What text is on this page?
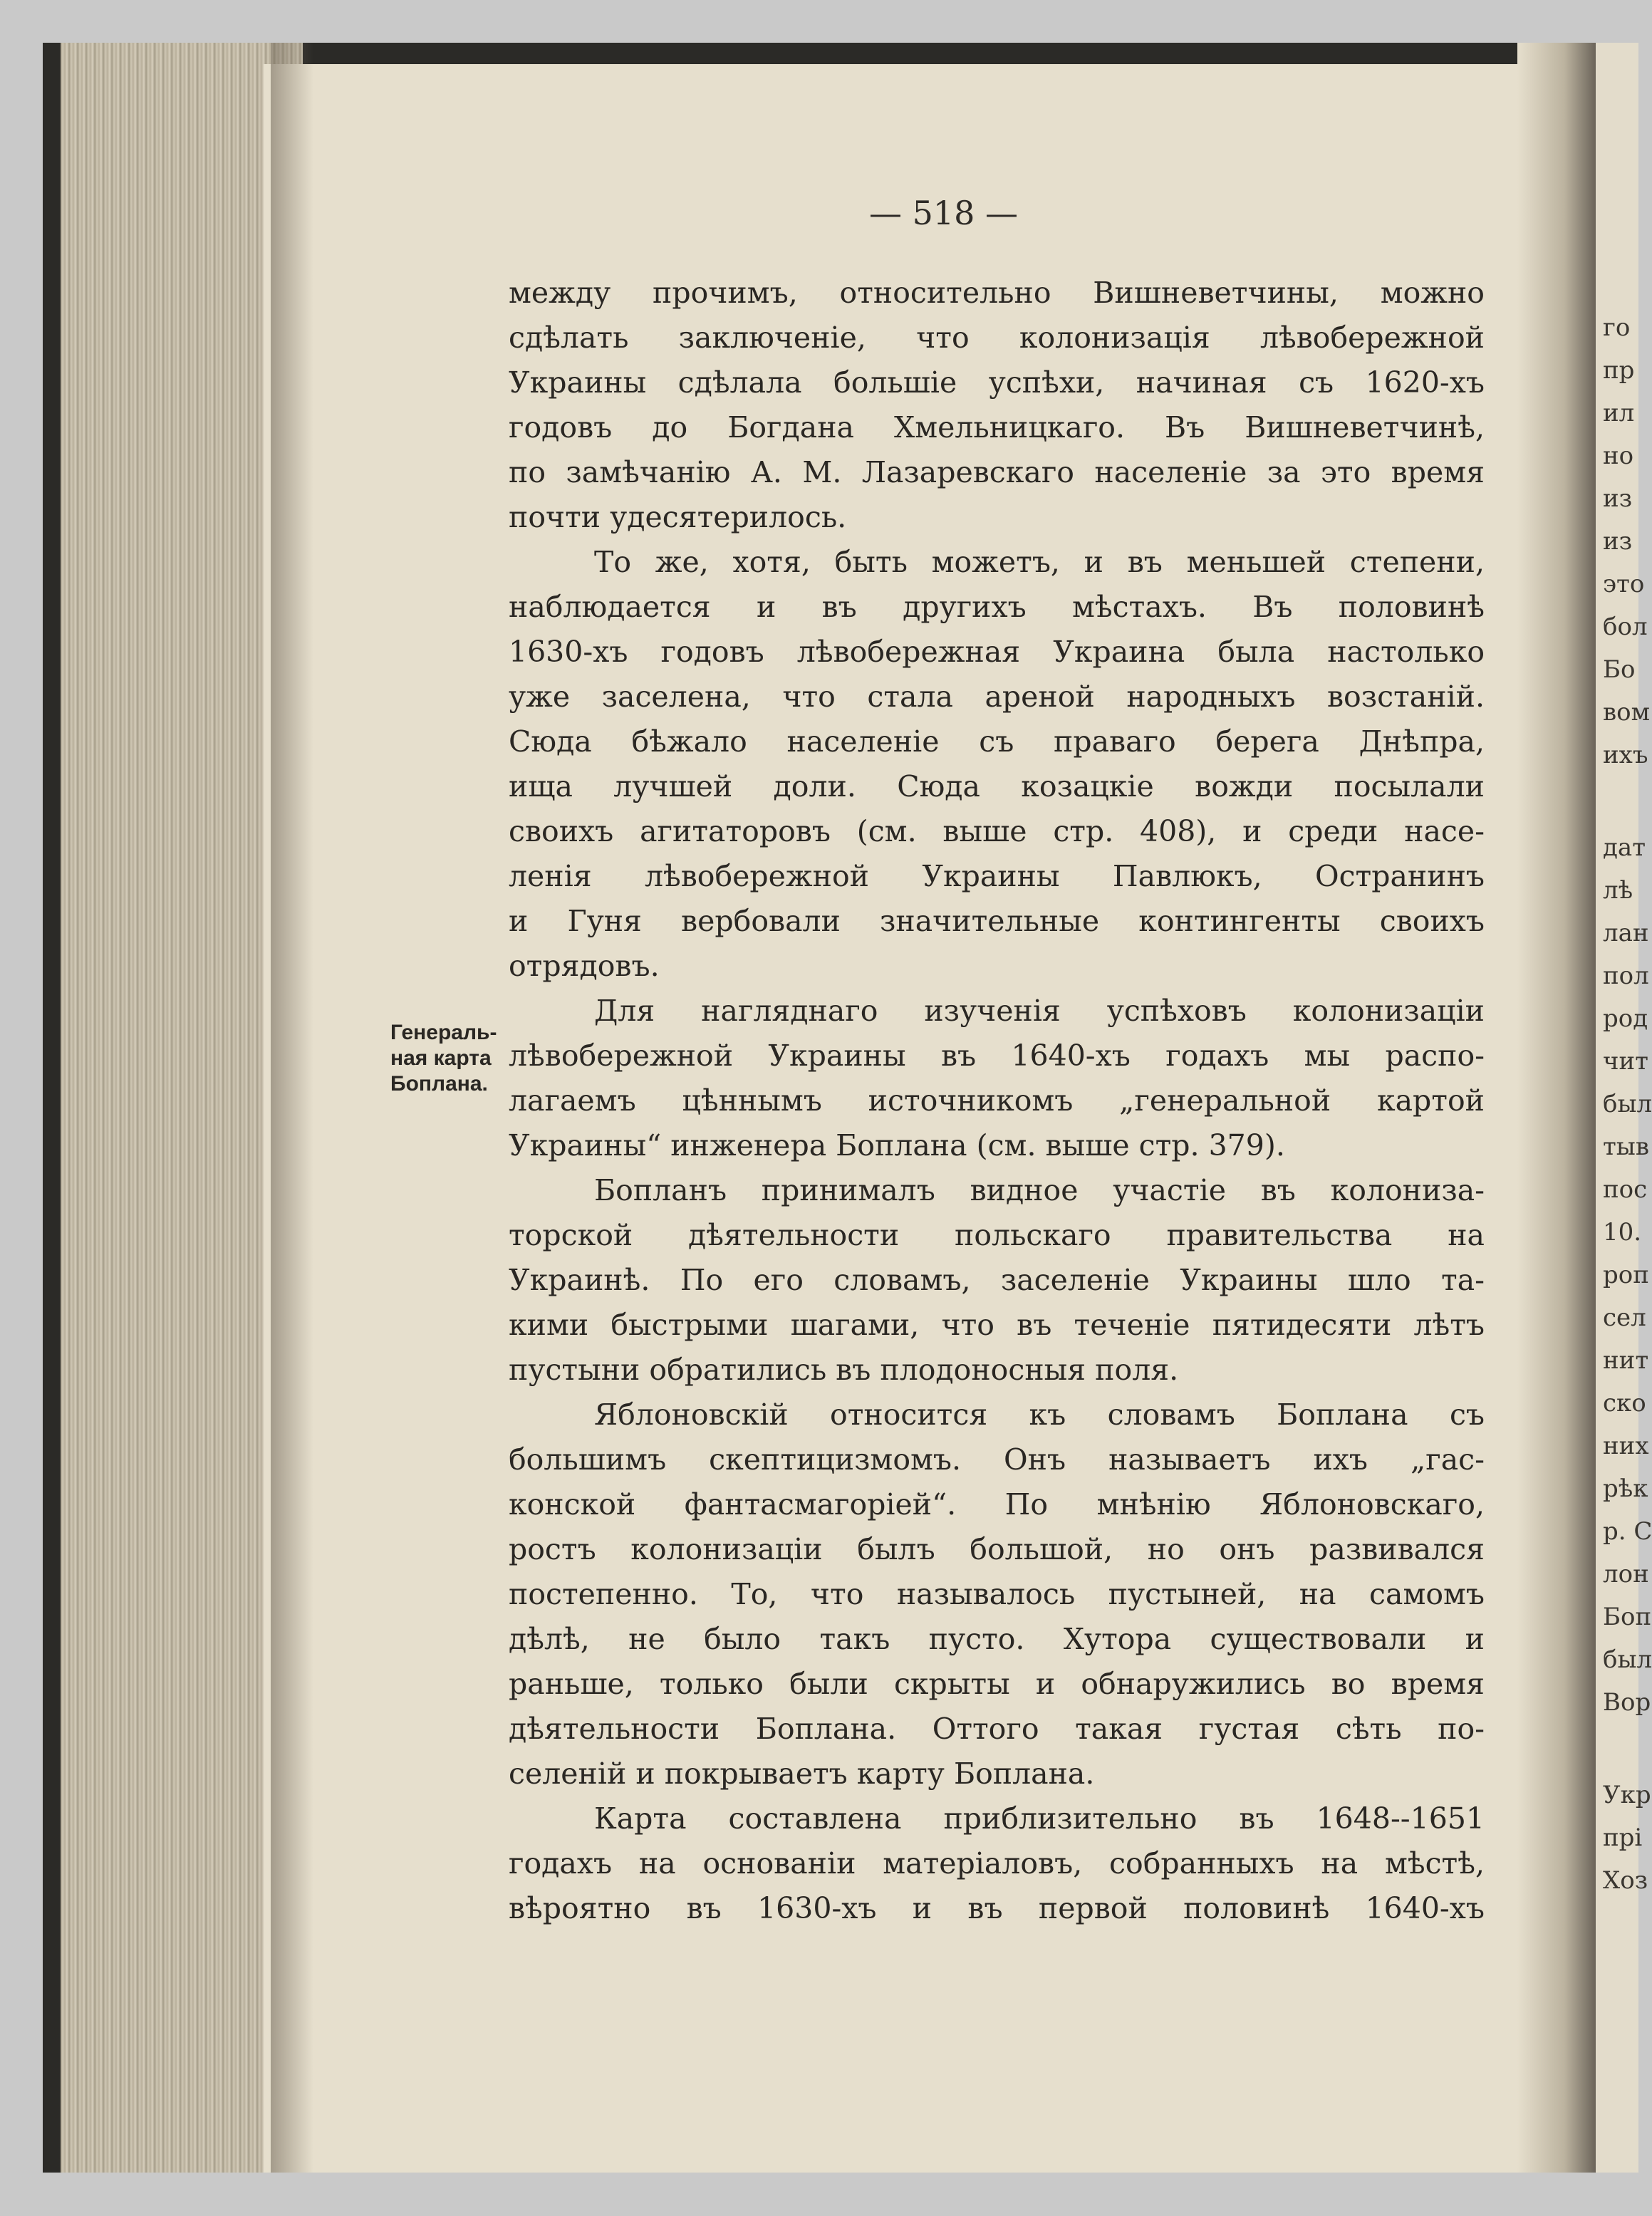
го
пр
ил
но
из
из
это
бол
Бо
вом
ихъ
дат
лѣ
лан
пол
род
чит
был
тыв
пос
10.
роп
сел
нит
ско
них
рѣк
р. С
лон
Боп
был
Вор
Укр
прi
Хоз
— 518 —
Генераль-
ная карта
Боплана.
между прочимъ, относительно Вишневетчины, можно
сдѣлать заключенiе, что колонизацiя лѣвобережной
Украины сдѣлала большiе успѣхи, начиная съ 1620-хъ
годовъ до Богдана Хмельницкаго. Въ Вишневетчинѣ,
по замѣчанiю А. М. Лазаревскаго населенiе за это время
почти удесятерилось.
То же, хотя, быть можетъ, и въ меньшей степени,
наблюдается и въ другихъ мѣстахъ. Въ половинѣ
1630-хъ годовъ лѣвобережная Украина была настолько
уже заселена, что стала ареной народныхъ возстанiй.
Сюда бѣжало населенiе съ праваго берега Днѣпра,
ища лучшей доли. Сюда козацкiе вожди посылали
своихъ агитаторовъ (см. выше стр. 408), и среди насе-
ленiя лѣвобережной Украины Павлюкъ, Остранинъ
и Гуня вербовали значительные контингенты своихъ
отрядовъ.
Для нагляднаго изученiя успѣховъ колонизацiи
лѣвобережной Украины въ 1640-хъ годахъ мы распо-
лагаемъ цѣннымъ источникомъ „генеральной картой
Украины“ инженера Боплана (см. выше стр. 379).
Бопланъ принималъ видное участiе въ колониза-
торской дѣятельности польскаго правительства на
Украинѣ. По его словамъ, заселенiе Украины шло та-
кими быстрыми шагами, что въ теченiе пятидесяти лѣтъ
пустыни обратились въ плодоносныя поля.
Яблоновскiй относится къ словамъ Боплана съ
большимъ скептицизмомъ. Онъ называетъ ихъ „гас-
конской фантасмагорiей“. По мнѣнiю Яблоновскаго,
ростъ колонизацiи былъ большой, но онъ развивался
постепенно. То, что называлось пустыней, на самомъ
дѣлѣ, не было такъ пусто. Хутора существовали и
раньше, только были скрыты и обнаружились во время
дѣятельности Боплана. Оттого такая густая сѣть по-
селенiй и покрываетъ карту Боплана.
Карта составлена приблизительно въ 1648--1651
годахъ на основанiи матерiаловъ, собранныхъ на мѣстѣ,
вѣроятно въ 1630-хъ и въ первой половинѣ 1640-хъ
